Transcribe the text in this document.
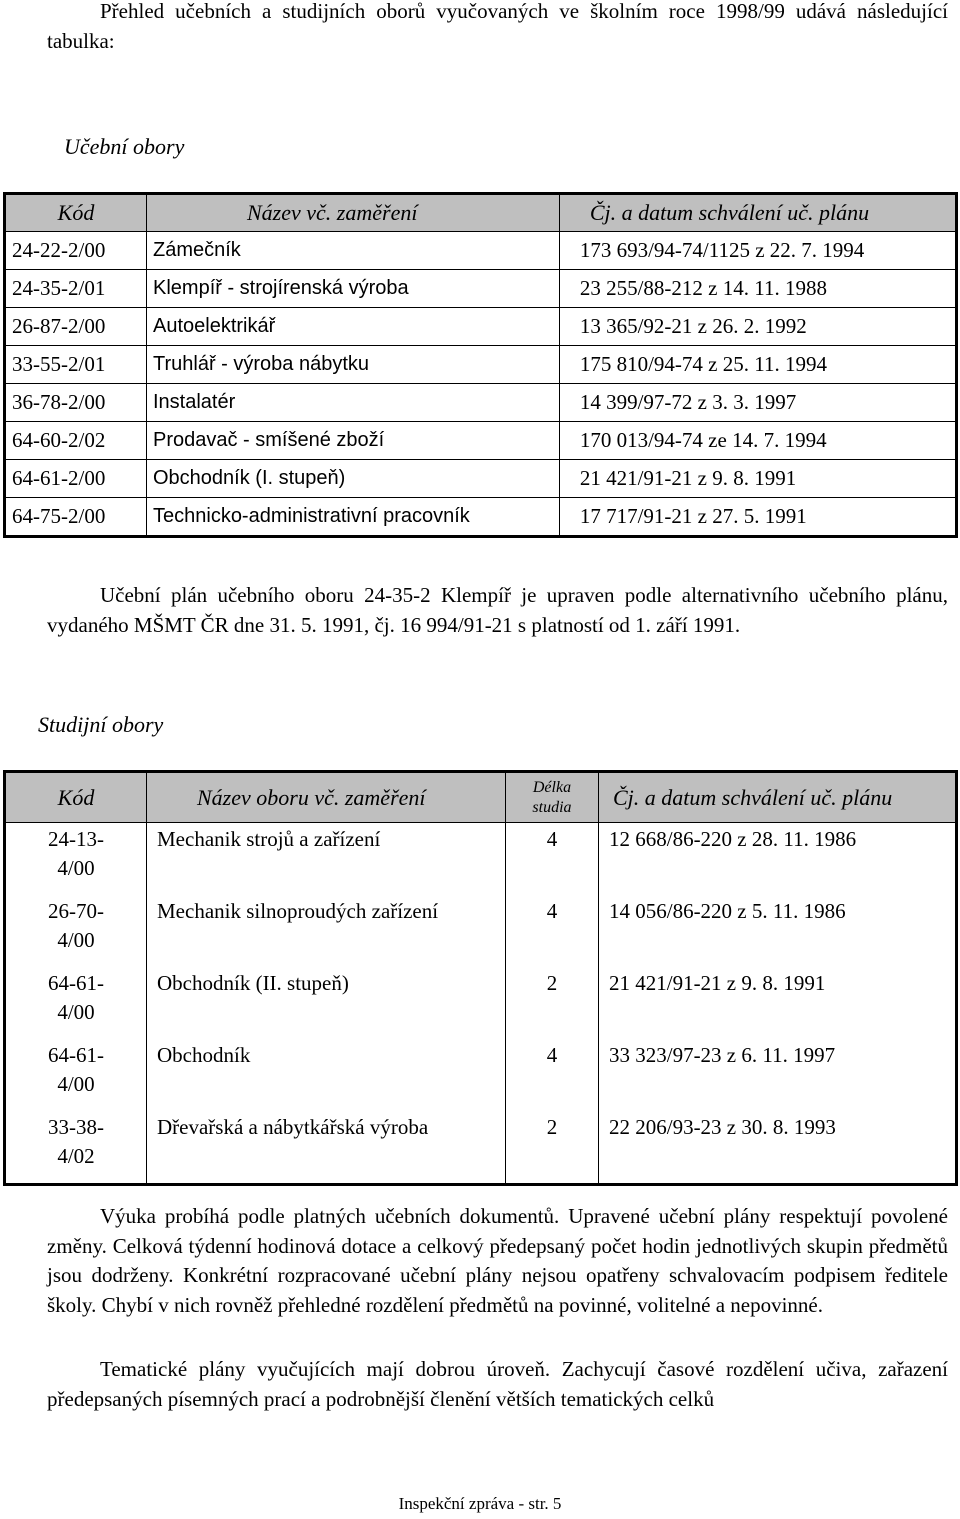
Přehled učebních a studijních oborů vyučovaných ve školním roce 1998/99 udává následující tabulka:

Učební obory
Kód	Název vč. zaměření	Čj. a datum schválení uč. plánu
24-22-2/00	Zámečník	173 693/94-74/1125 z 22. 7. 1994
24-35-2/01	Klempíř - strojírenská výroba	23 255/88-212 z 14. 11. 1988
26-87-2/00	Autoelektrikář	13 365/92-21 z 26. 2. 1992
33-55-2/01	Truhlář - výroba nábytku	175 810/94-74 z 25. 11. 1994
36-78-2/00	Instalatér	14 399/97-72 z 3. 3. 1997
64-60-2/02	Prodavač - smíšené zboží	170 013/94-74 ze 14. 7. 1994
64-61-2/00	Obchodník (I. stupeň)	21 421/91-21 z 9. 8. 1991
64-75-2/00	Technicko-administrativní pracovník	17 717/91-21 z 27. 5. 1991

Učební plán učebního oboru 24-35-2 Klempíř je upraven podle alternativního učebního plánu, vydaného MŠMT ČR dne 31. 5. 1991, čj. 16 994/91-21 s platností od 1. září 1991.

Studijní obory
Kód	Název oboru vč. zaměření	Délka studia	Čj. a datum schválení uč. plánu
24-13-
4/00	Mechanik strojů a zařízení	4	12 668/86-220 z 28. 11. 1986
26-70-
4/00	Mechanik silnoproudých zařízení	4	14 056/86-220 z 5. 11. 1986
64-61-
4/00	Obchodník (II. stupeň)	2	21 421/91-21 z 9. 8. 1991
64-61-
4/00	Obchodník	4	33 323/97-23 z 6. 11. 1997
33-38-
4/02	Dřevařská a nábytkářská výroba	2	22 206/93-23 z 30. 8. 1993

Výuka probíhá podle platných učebních dokumentů. Upravené učební plány respektují povolené změny. Celková týdenní hodinová dotace a celkový předepsaný počet hodin jednotlivých skupin předmětů jsou dodrženy. Konkrétní rozpracované učební plány nejsou opatřeny schvalovacím podpisem ředitele školy. Chybí v nich rovněž přehledné rozdělení předmětů na povinné, volitelné a nepovinné.

Tematické plány vyučujících mají dobrou úroveň. Zachycují časové rozdělení učiva, zařazení předepsaných písemných prací a podrobnější členění větších tematických celků

Inspekční zpráva - str. 5
